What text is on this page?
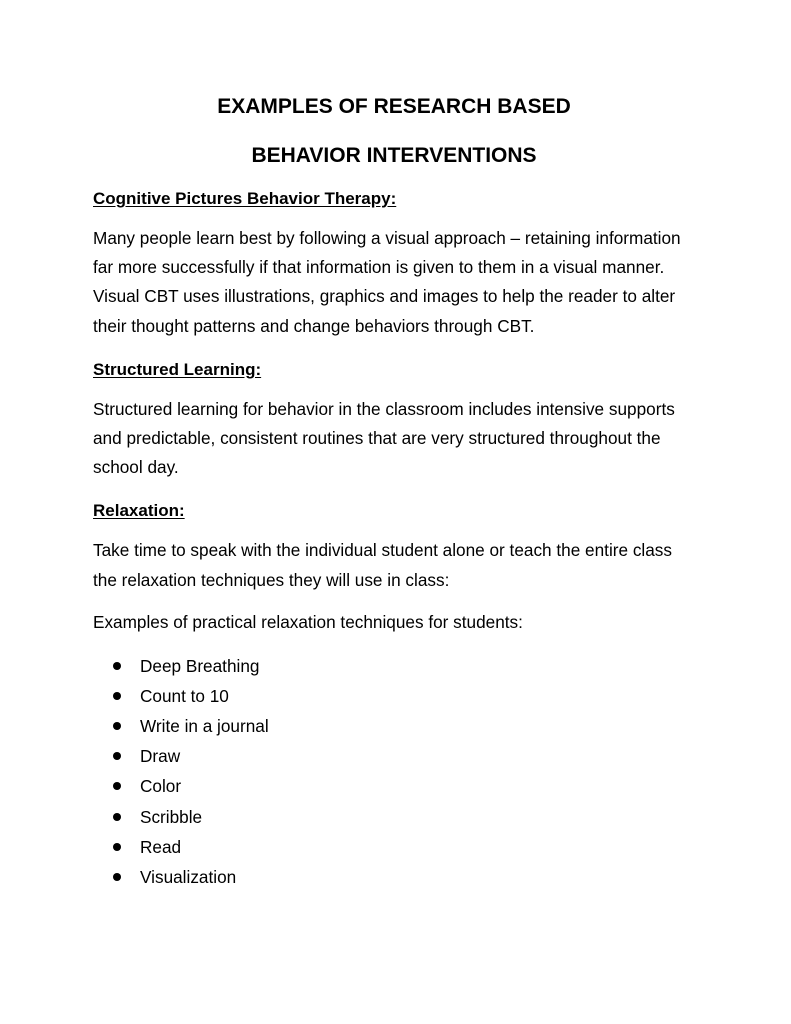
EXAMPLES OF RESEARCH BASED
BEHAVIOR INTERVENTIONS
Cognitive Pictures Behavior Therapy:

Many people learn best by following a visual approach – retaining information far more successfully if that information is given to them in a visual manner. Visual CBT uses illustrations, graphics and images to help the reader to alter their thought patterns and change behaviors through CBT.

Structured Learning:

Structured learning for behavior in the classroom includes intensive supports and predictable, consistent routines that are very structured throughout the school day.

Relaxation:

Take time to speak with the individual student alone or teach the entire class the relaxation techniques they will use in class:

Examples of practical relaxation techniques for students:

Deep Breathing
Count to 10
Write in a journal
Draw
Color
Scribble
Read
Visualization
